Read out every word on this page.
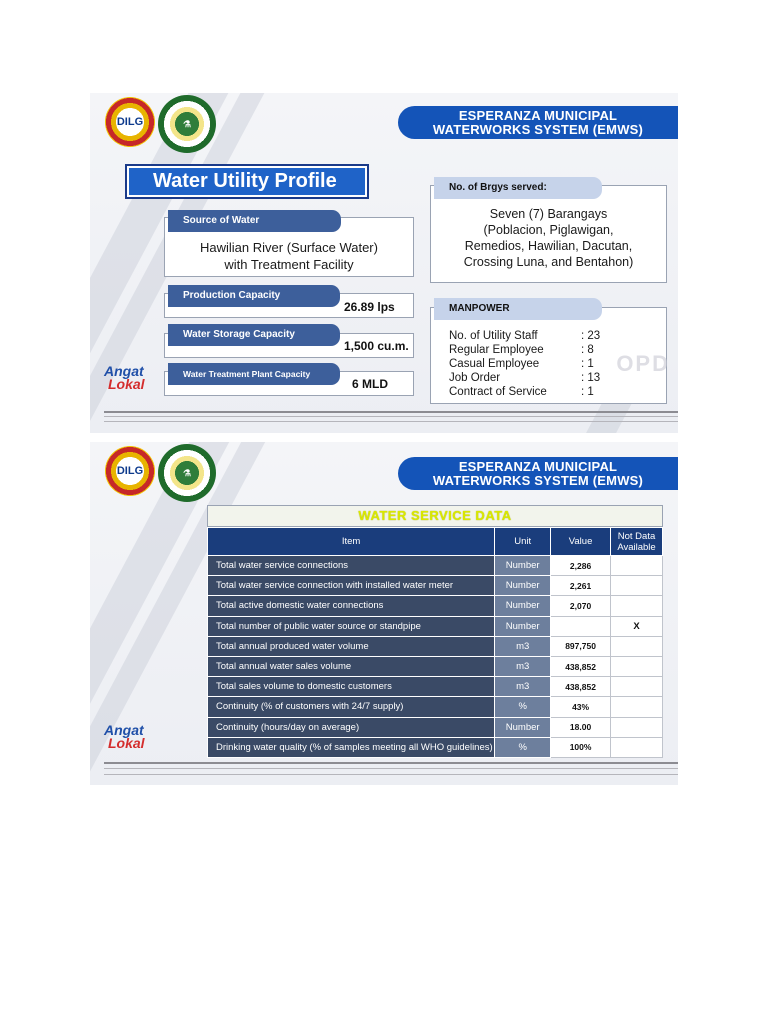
DILG	⚗
ESPERANZA MUNICIPAL
WATERWORKS SYSTEM (EMWS)
Water Utility Profile
Source of Water
Hawilian River (Surface Water)
with Treatment Facility
Production Capacity
26.89 lps
Water Storage Capacity
1,500 cu.m.
Water Treatment Plant Capacity
6 MLD
No. of Brgys served:
Seven (7) Barangays
(Poblacion, Piglawigan,
Remedios, Hawilian, Dacutan,
Crossing Luna, and Bentahon)
No. of Utility Staff	: 23
Regular Employee	: 8
Casual Employee	: 1
Job Order	: 13
Contract of Service	: 1
MANPOWER
OPD
Angat
Lokal
DILG	⚗	ESPERANZA MUNICIPAL
WATERWORKS SYSTEM (EMWS)
WATER SERVICE DATA
Item	Unit	Value	Not Data
Available

Total water service connections	Number	2,286	
Total water service connection with installed water meter	Number	2,261	
Total active domestic water connections	Number	2,070	
Total number of public water source or standpipe	Number		X
Total annual produced water volume	m3	897,750	
Total annual water sales volume	m3	438,852	
Total sales volume to domestic customers	m3	438,852	
Continuity (% of customers with 24/7 supply)	%	43%	
Continuity (hours/day on average)	Number	18.00	
Drinking water quality (% of samples meeting all WHO guidelines)	%	100%	
Angat
Lokal
